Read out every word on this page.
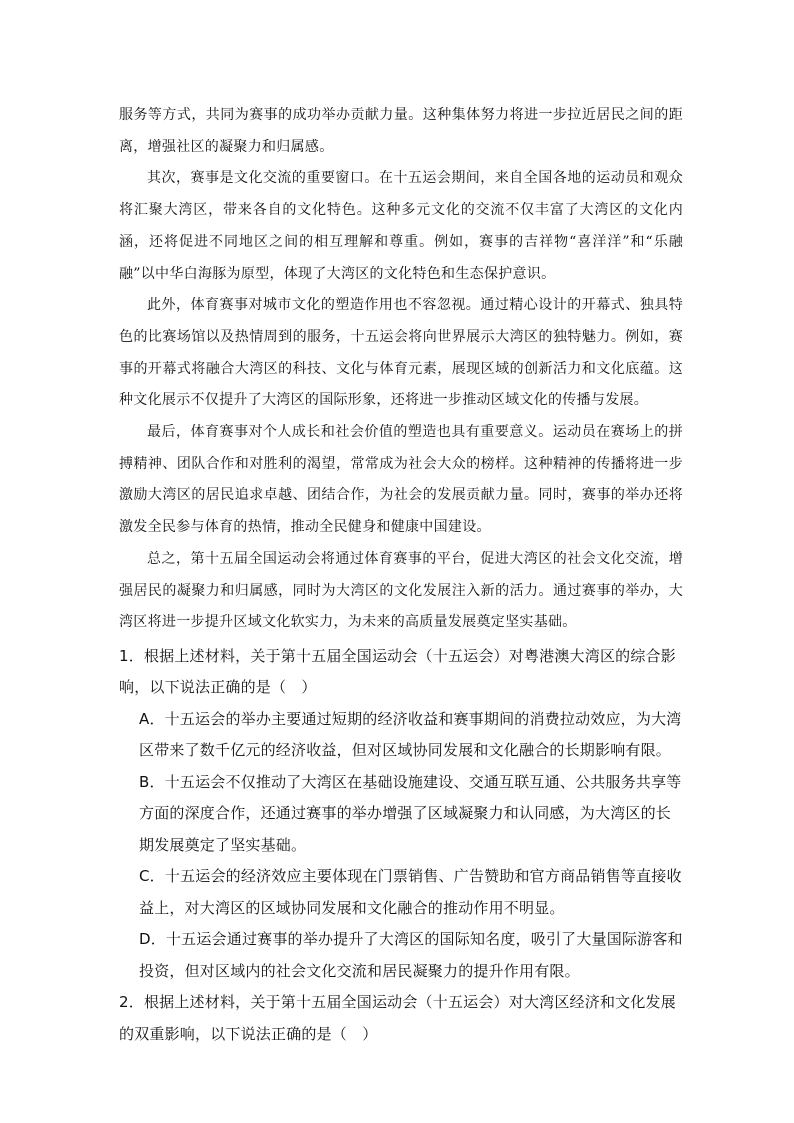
服务等方式，共同为赛事的成功举办贡献力量。这种集体努力将进一步拉近居民之间的距离，增强社区的凝聚力和归属感。

其次，赛事是文化交流的重要窗口。在十五运会期间，来自全国各地的运动员和观众将汇聚大湾区，带来各自的文化特色。这种多元文化的交流不仅丰富了大湾区的文化内涵，还将促进不同地区之间的相互理解和尊重。例如，赛事的吉祥物“喜洋洋”和“乐融融”以中华白海豚为原型，体现了大湾区的文化特色和生态保护意识。

此外，体育赛事对城市文化的塑造作用也不容忽视。通过精心设计的开幕式、独具特色的比赛场馆以及热情周到的服务，十五运会将向世界展示大湾区的独特魅力。例如，赛事的开幕式将融合大湾区的科技、文化与体育元素，展现区域的创新活力和文化底蕴。这种文化展示不仅提升了大湾区的国际形象，还将进一步推动区域文化的传播与发展。

最后，体育赛事对个人成长和社会价值的塑造也具有重要意义。运动员在赛场上的拼搏精神、团队合作和对胜利的渴望，常常成为社会大众的榜样。这种精神的传播将进一步激励大湾区的居民追求卓越、团结合作，为社会的发展贡献力量。同时，赛事的举办还将激发全民参与体育的热情，推动全民健身和健康中国建设。

总之，第十五届全国运动会将通过体育赛事的平台，促进大湾区的社会文化交流，增强居民的凝聚力和归属感，同时为大湾区的文化发展注入新的活力。通过赛事的举办，大湾区将进一步提升区域文化软实力，为未来的高质量发展奠定坚实基础。

1．根据上述材料，关于第十五届全国运动会（十五运会）对粤港澳大湾区的综合影响，以下说法正确的是（　）

A．十五运会的举办主要通过短期的经济收益和赛事期间的消费拉动效应，为大湾区带来了数千亿元的经济收益，但对区域协同发展和文化融合的长期影响有限。
B．十五运会不仅推动了大湾区在基础设施建设、交通互联互通、公共服务共享等方面的深度合作，还通过赛事的举办增强了区域凝聚力和认同感，为大湾区的长期发展奠定了坚实基础。
C．十五运会的经济效应主要体现在门票销售、广告赞助和官方商品销售等直接收益上，对大湾区的区域协同发展和文化融合的推动作用不明显。
D．十五运会通过赛事的举办提升了大湾区的国际知名度，吸引了大量国际游客和投资，但对区域内的社会文化交流和居民凝聚力的提升作用有限。

2．根据上述材料，关于第十五届全国运动会（十五运会）对大湾区经济和文化发展的双重影响，以下说法正确的是（　）
